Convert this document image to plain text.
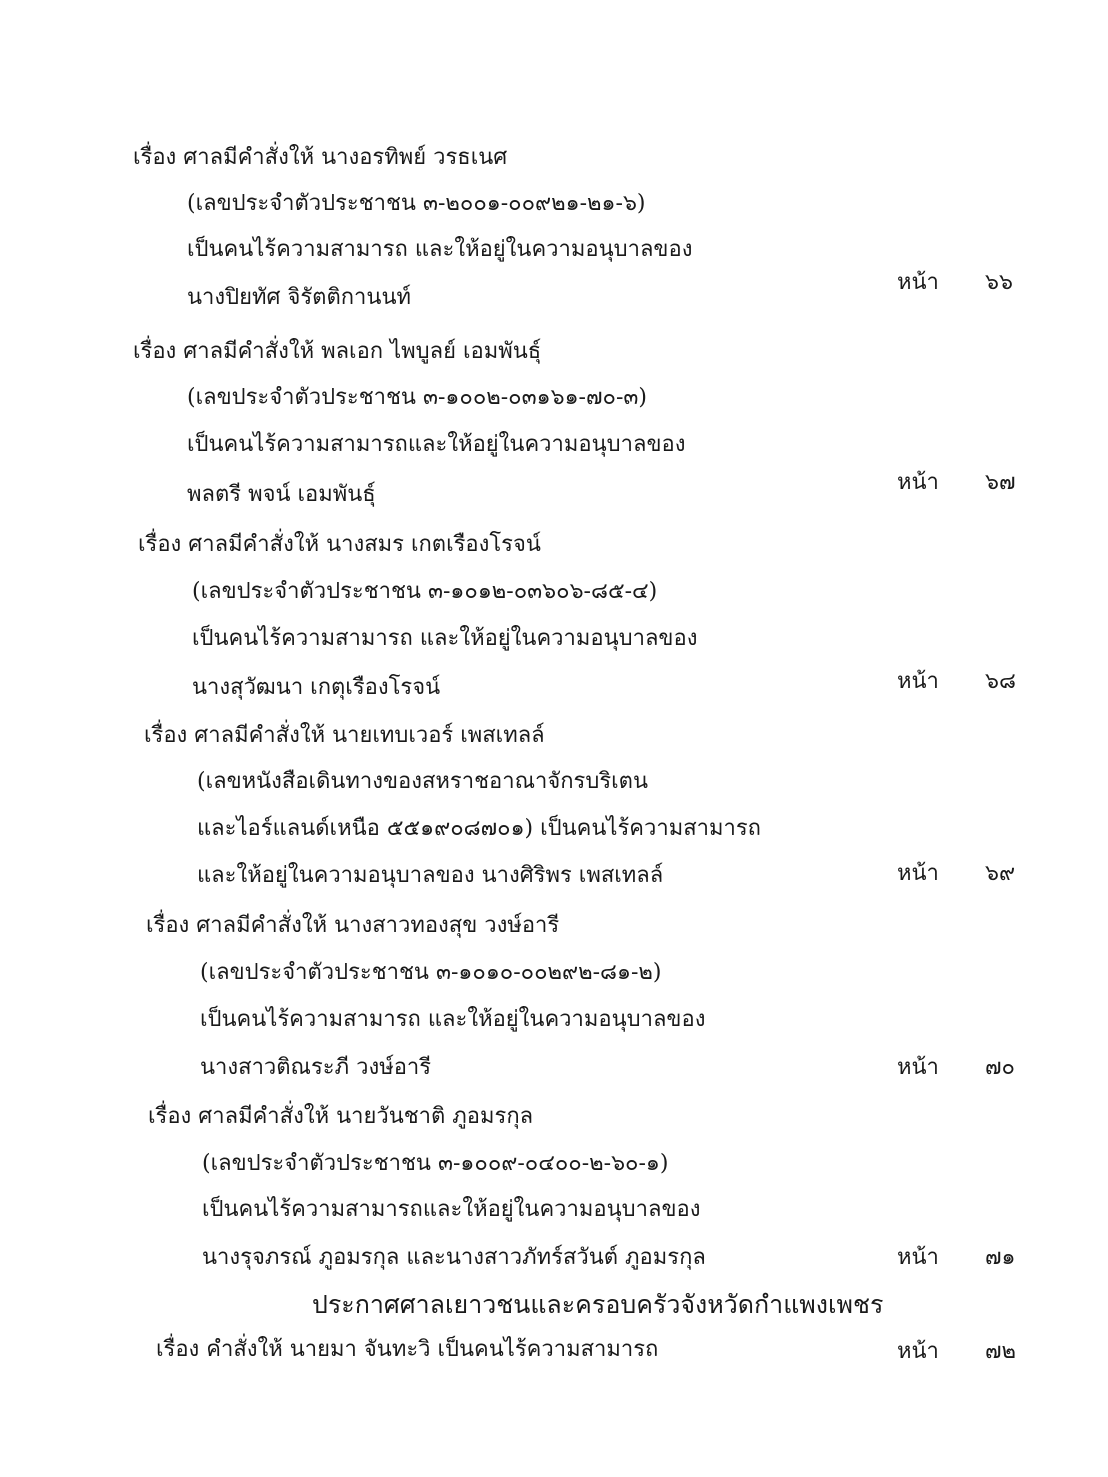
เรื่อง ศาลมีคำสั่งให้ นางอรทิพย์ วรธเนศ
(เลขประจำตัวประชาชน ๓-๒๐๐๑-๐๐๙๒๑-๒๑-๖)
เป็นคนไร้ความสามารถ และให้อยู่ในความอนุบาลของ
นางปิยทัศ จิรัตติกานนท์
หน้า ๖๖
เรื่อง ศาลมีคำสั่งให้ พลเอก ไพบูลย์ เอมพันธุ์
(เลขประจำตัวประชาชน ๓-๑๐๐๒-๐๓๑๖๑-๗๐-๓)
เป็นคนไร้ความสามารถและให้อยู่ในความอนุบาลของ
พลตรี พจน์ เอมพันธุ์	หน้า ๖๗
เรื่อง ศาลมีคำสั่งให้ นางสมร เกตเรืองโรจน์
(เลขประจำตัวประชาชน ๓-๑๐๑๒-๐๓๖๐๖-๘๕-๔)
เป็นคนไร้ความสามารถ และให้อยู่ในความอนุบาลของ
นางสุวัฒนา เกตุเรืองโรจน์	หน้า ๖๘
เรื่อง ศาลมีคำสั่งให้ นายเทบเวอร์ เพสเทลล์
(เลขหนังสือเดินทางของสหราชอาณาจักรบริเตน
และไอร์แลนด์เหนือ ๕๕๑๙๐๘๗๐๑) เป็นคนไร้ความสามารถ
และให้อยู่ในความอนุบาลของ นางศิริพร เพสเทลล์	หน้า ๖๙
เรื่อง ศาลมีคำสั่งให้ นางสาวทองสุข วงษ์อารี
(เลขประจำตัวประชาชน ๓-๑๐๑๐-๐๐๒๙๒-๘๑-๒)
เป็นคนไร้ความสามารถ และให้อยู่ในความอนุบาลของ
นางสาวติณระภี วงษ์อารี	หน้า ๗๐
เรื่อง ศาลมีคำสั่งให้ นายวันชาติ ภูอมรกุล
(เลขประจำตัวประชาชน ๓-๑๐๐๙-๐๔๐๐-๒-๖๐-๑)
เป็นคนไร้ความสามารถและให้อยู่ในความอนุบาลของ
นางรุจภรณ์ ภูอมรกุล และนางสาวภัทร์สวันต์ ภูอมรกุล	หน้า ๗๑
ประกาศศาลเยาวชนและครอบครัวจังหวัดกำแพงเพชร
เรื่อง คำสั่งให้ นายมา จันทะวิ เป็นคนไร้ความสามารถ	หน้า ๗๒
